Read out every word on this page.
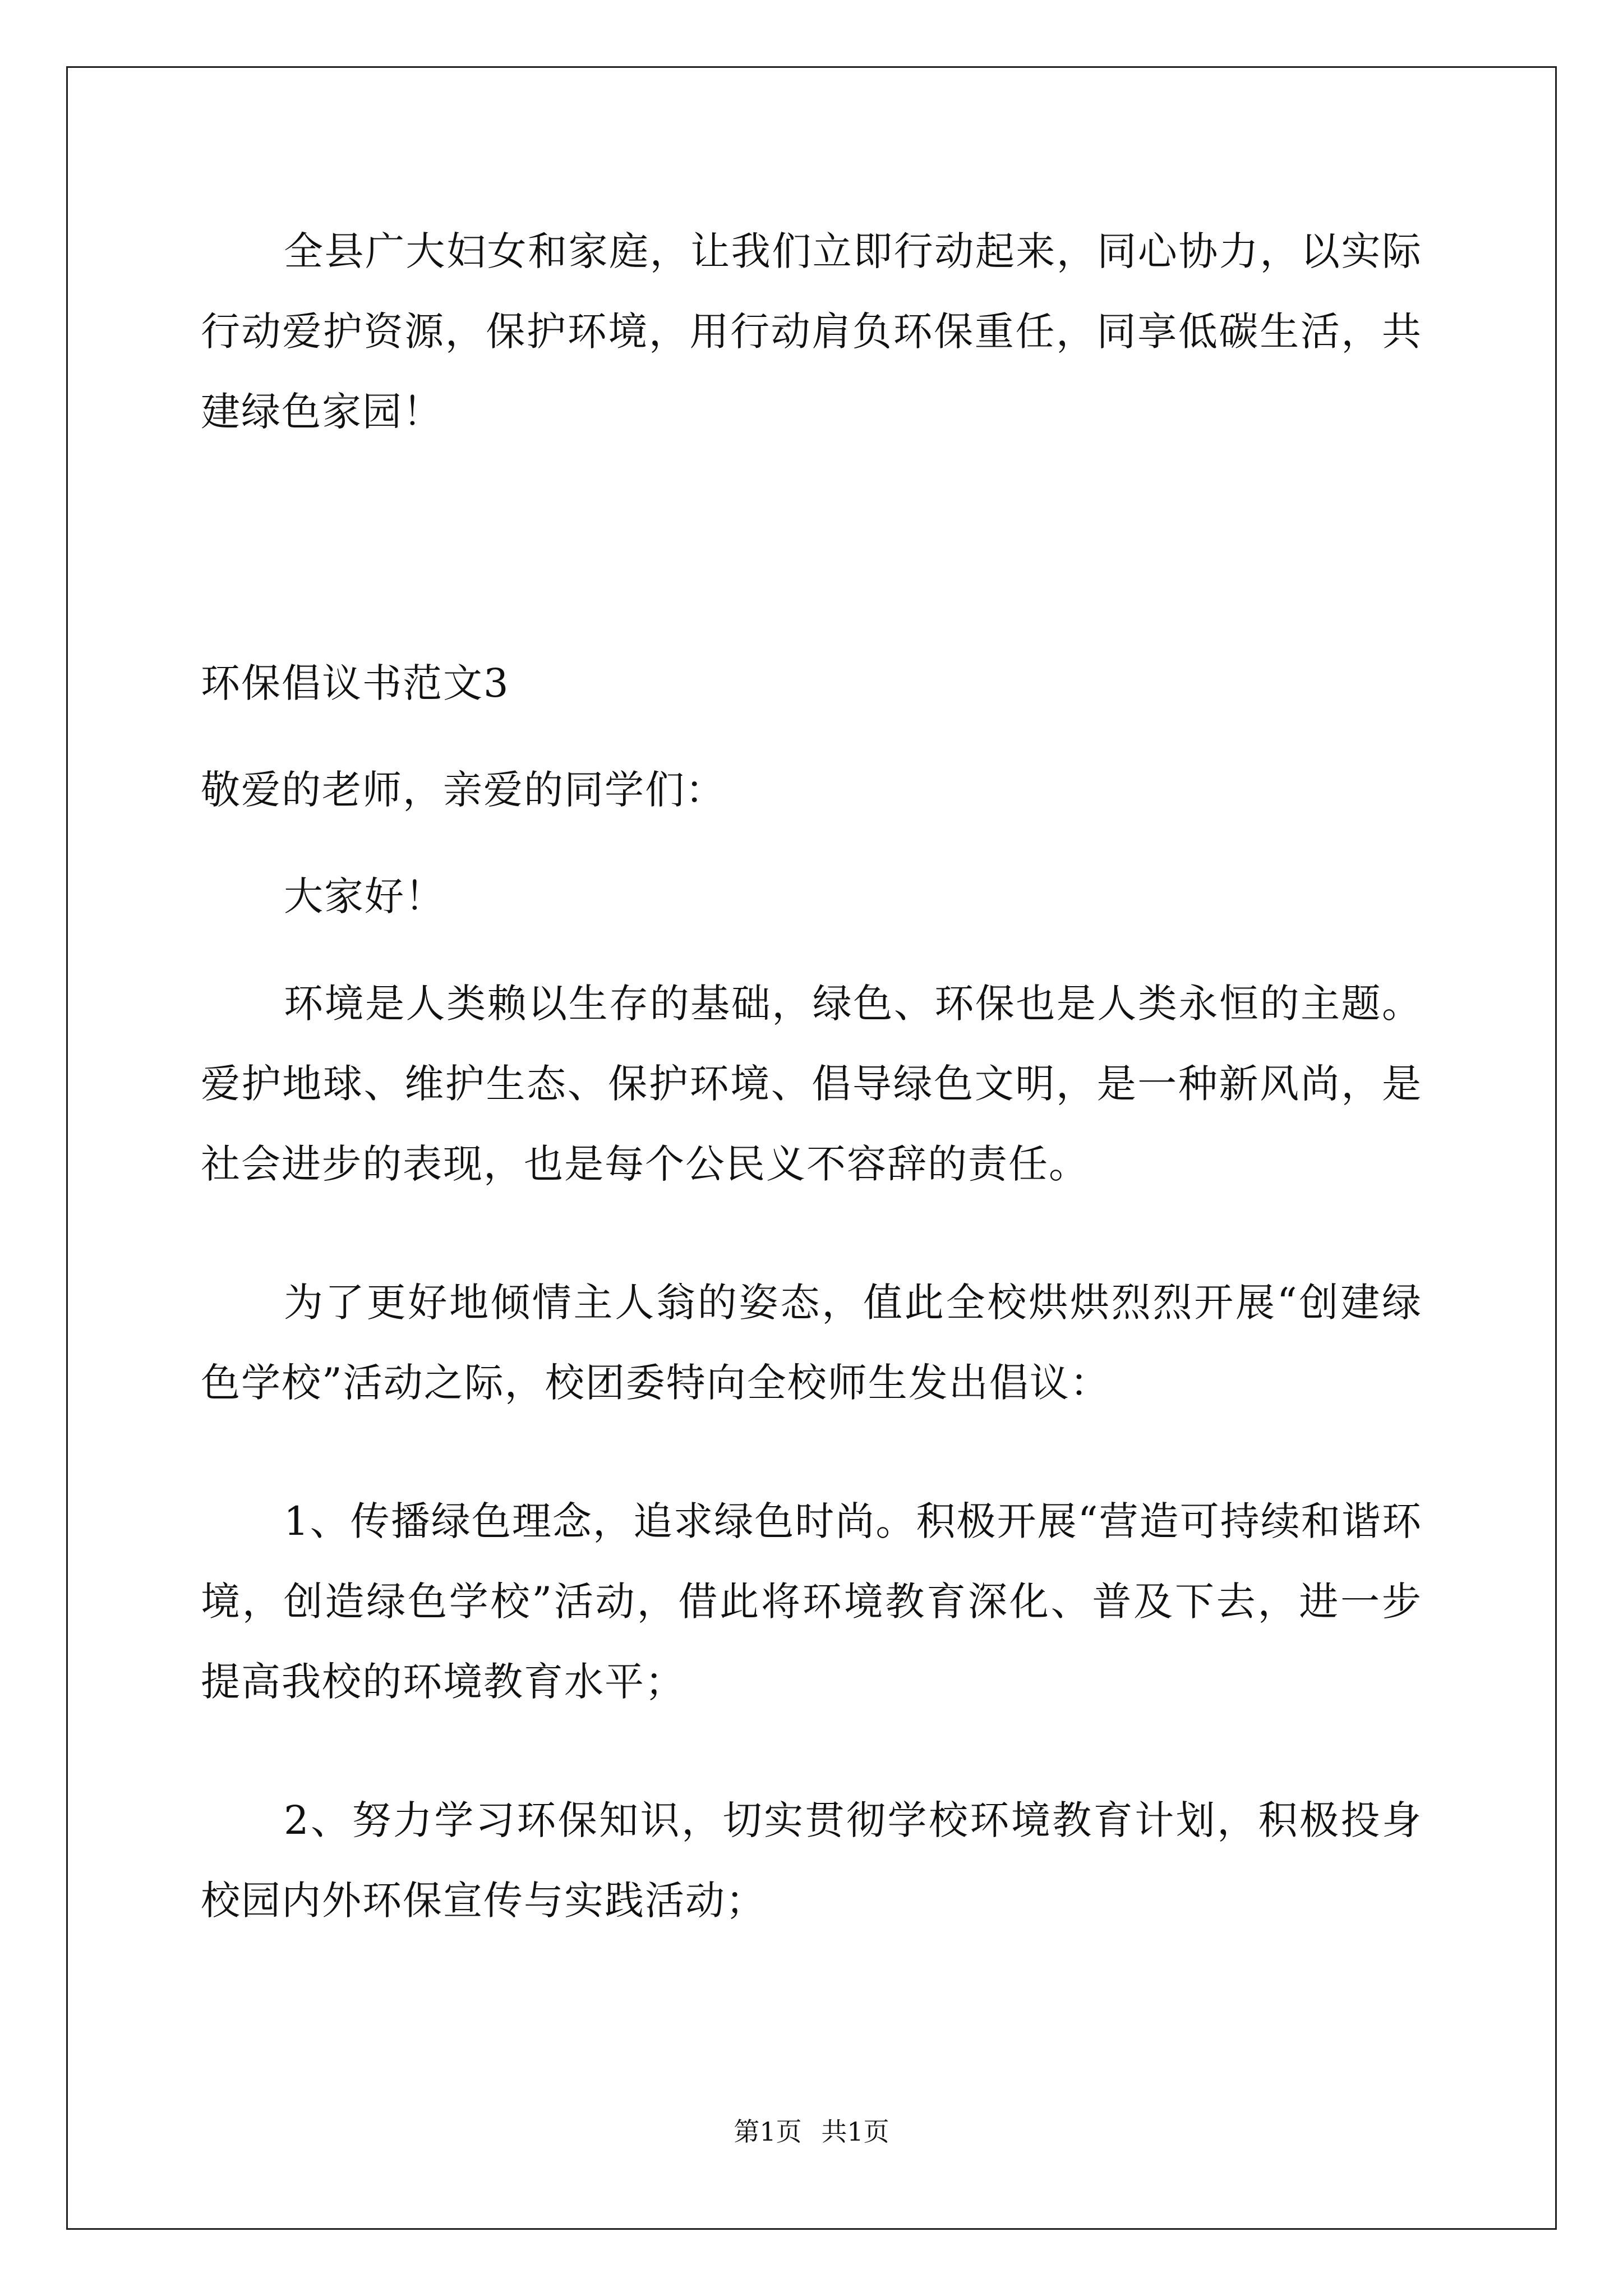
全县广大妇女和家庭，让我们立即行动起来，同心协力，以实际行动爱护资源，保护环境，用行动肩负环保重任，同享低碳生活，共建绿色家园！

环保倡议书范文3

敬爱的老师，亲爱的同学们：

大家好！

环境是人类赖以生存的基础，绿色、环保也是人类永恒的主题。爱护地球、维护生态、保护环境、倡导绿色文明，是一种新风尚，是社会进步的表现，也是每个公民义不容辞的责任。

为了更好地倾情主人翁的姿态，值此全校烘烘烈烈开展“创建绿色学校”活动之际，校团委特向全校师生发出倡议：

1、传播绿色理念，追求绿色时尚。积极开展“营造可持续和谐环境，创造绿色学校”活动，借此将环境教育深化、普及下去，进一步提高我校的环境教育水平；

2、努力学习环保知识，切实贯彻学校环境教育计划，积极投身校园内外环保宣传与实践活动；

第1页 共1页
